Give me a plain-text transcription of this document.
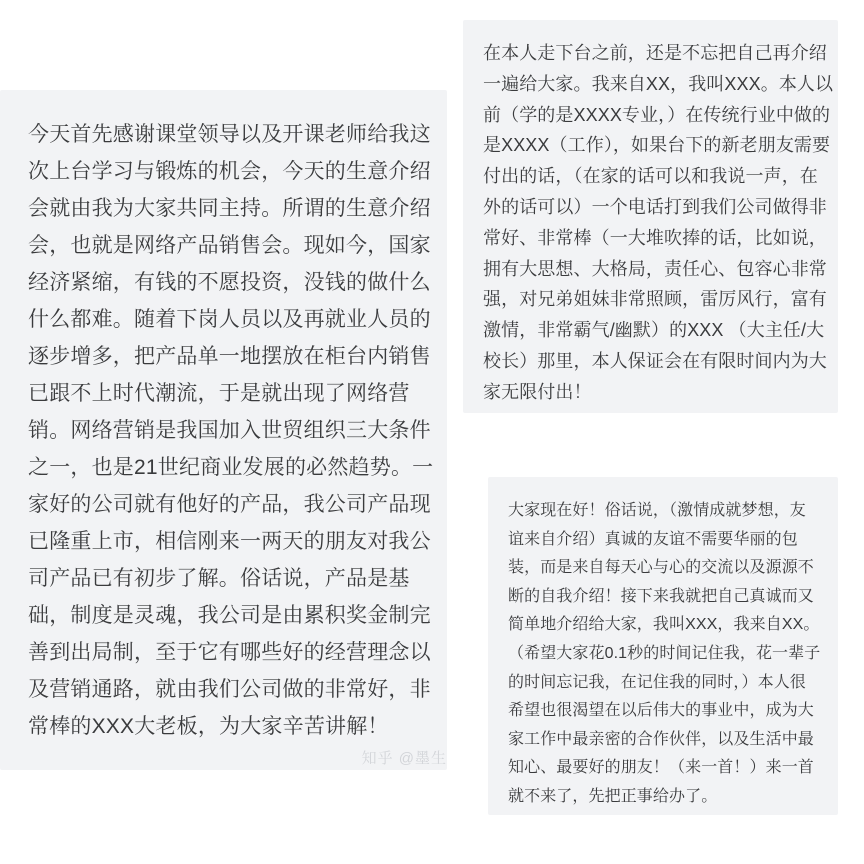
今天首先感谢课堂领导以及开课老师给我这
次上台学习与锻炼的机会，今天的生意介绍
会就由我为大家共同主持。所谓的生意介绍
会，也就是网络产品销售会。现如今，国家
经济紧缩，有钱的不愿投资，没钱的做什么
什么都难。随着下岗人员以及再就业人员的
逐步增多，把产品单一地摆放在柜台内销售
已跟不上时代潮流，于是就出现了网络营
销。网络营销是我国加入世贸组织三大条件
之一，也是21世纪商业发展的必然趋势。一
家好的公司就有他好的产品，我公司产品现
已隆重上市，相信刚来一两天的朋友对我公
司产品已有初步了解。俗话说，产品是基
础，制度是灵魂，我公司是由累积奖金制完
善到出局制，至于它有哪些好的经营理念以
及营销通路，就由我们公司做的非常好，非
常棒的XXX大老板，为大家辛苦讲解！
知乎 @墨生
在本人走下台之前，还是不忘把自己再介绍
一遍给大家。我来自XX，我叫XXX。本人以
前（学的是XXXX专业，）在传统行业中做的
是XXXX（工作），如果台下的新老朋友需要
付出的话，（在家的话可以和我说一声，在
外的话可以）一个电话打到我们公司做得非
常好、非常棒（一大堆吹捧的话，比如说，
拥有大思想、大格局，责任心、包容心非常
强，对兄弟姐妹非常照顾，雷厉风行，富有
激情，非常霸气/幽默）的XXX （大主任/大
校长）那里，本人保证会在有限时间内为大
家无限付出！
大家现在好！俗话说，（激情成就梦想，友
谊来自介绍）真诚的友谊不需要华丽的包
装，而是来自每天心与心的交流以及源源不
断的自我介绍！接下来我就把自己真诚而又
简单地介绍给大家，我叫XXX，我来自XX。
（希望大家花0.1秒的时间记住我，花一辈子
的时间忘记我，在记住我的同时，）本人很
希望也很渴望在以后伟大的事业中，成为大
家工作中最亲密的合作伙伴，以及生活中最
知心、最要好的朋友！（来一首！）来一首
就不来了，先把正事给办了。
